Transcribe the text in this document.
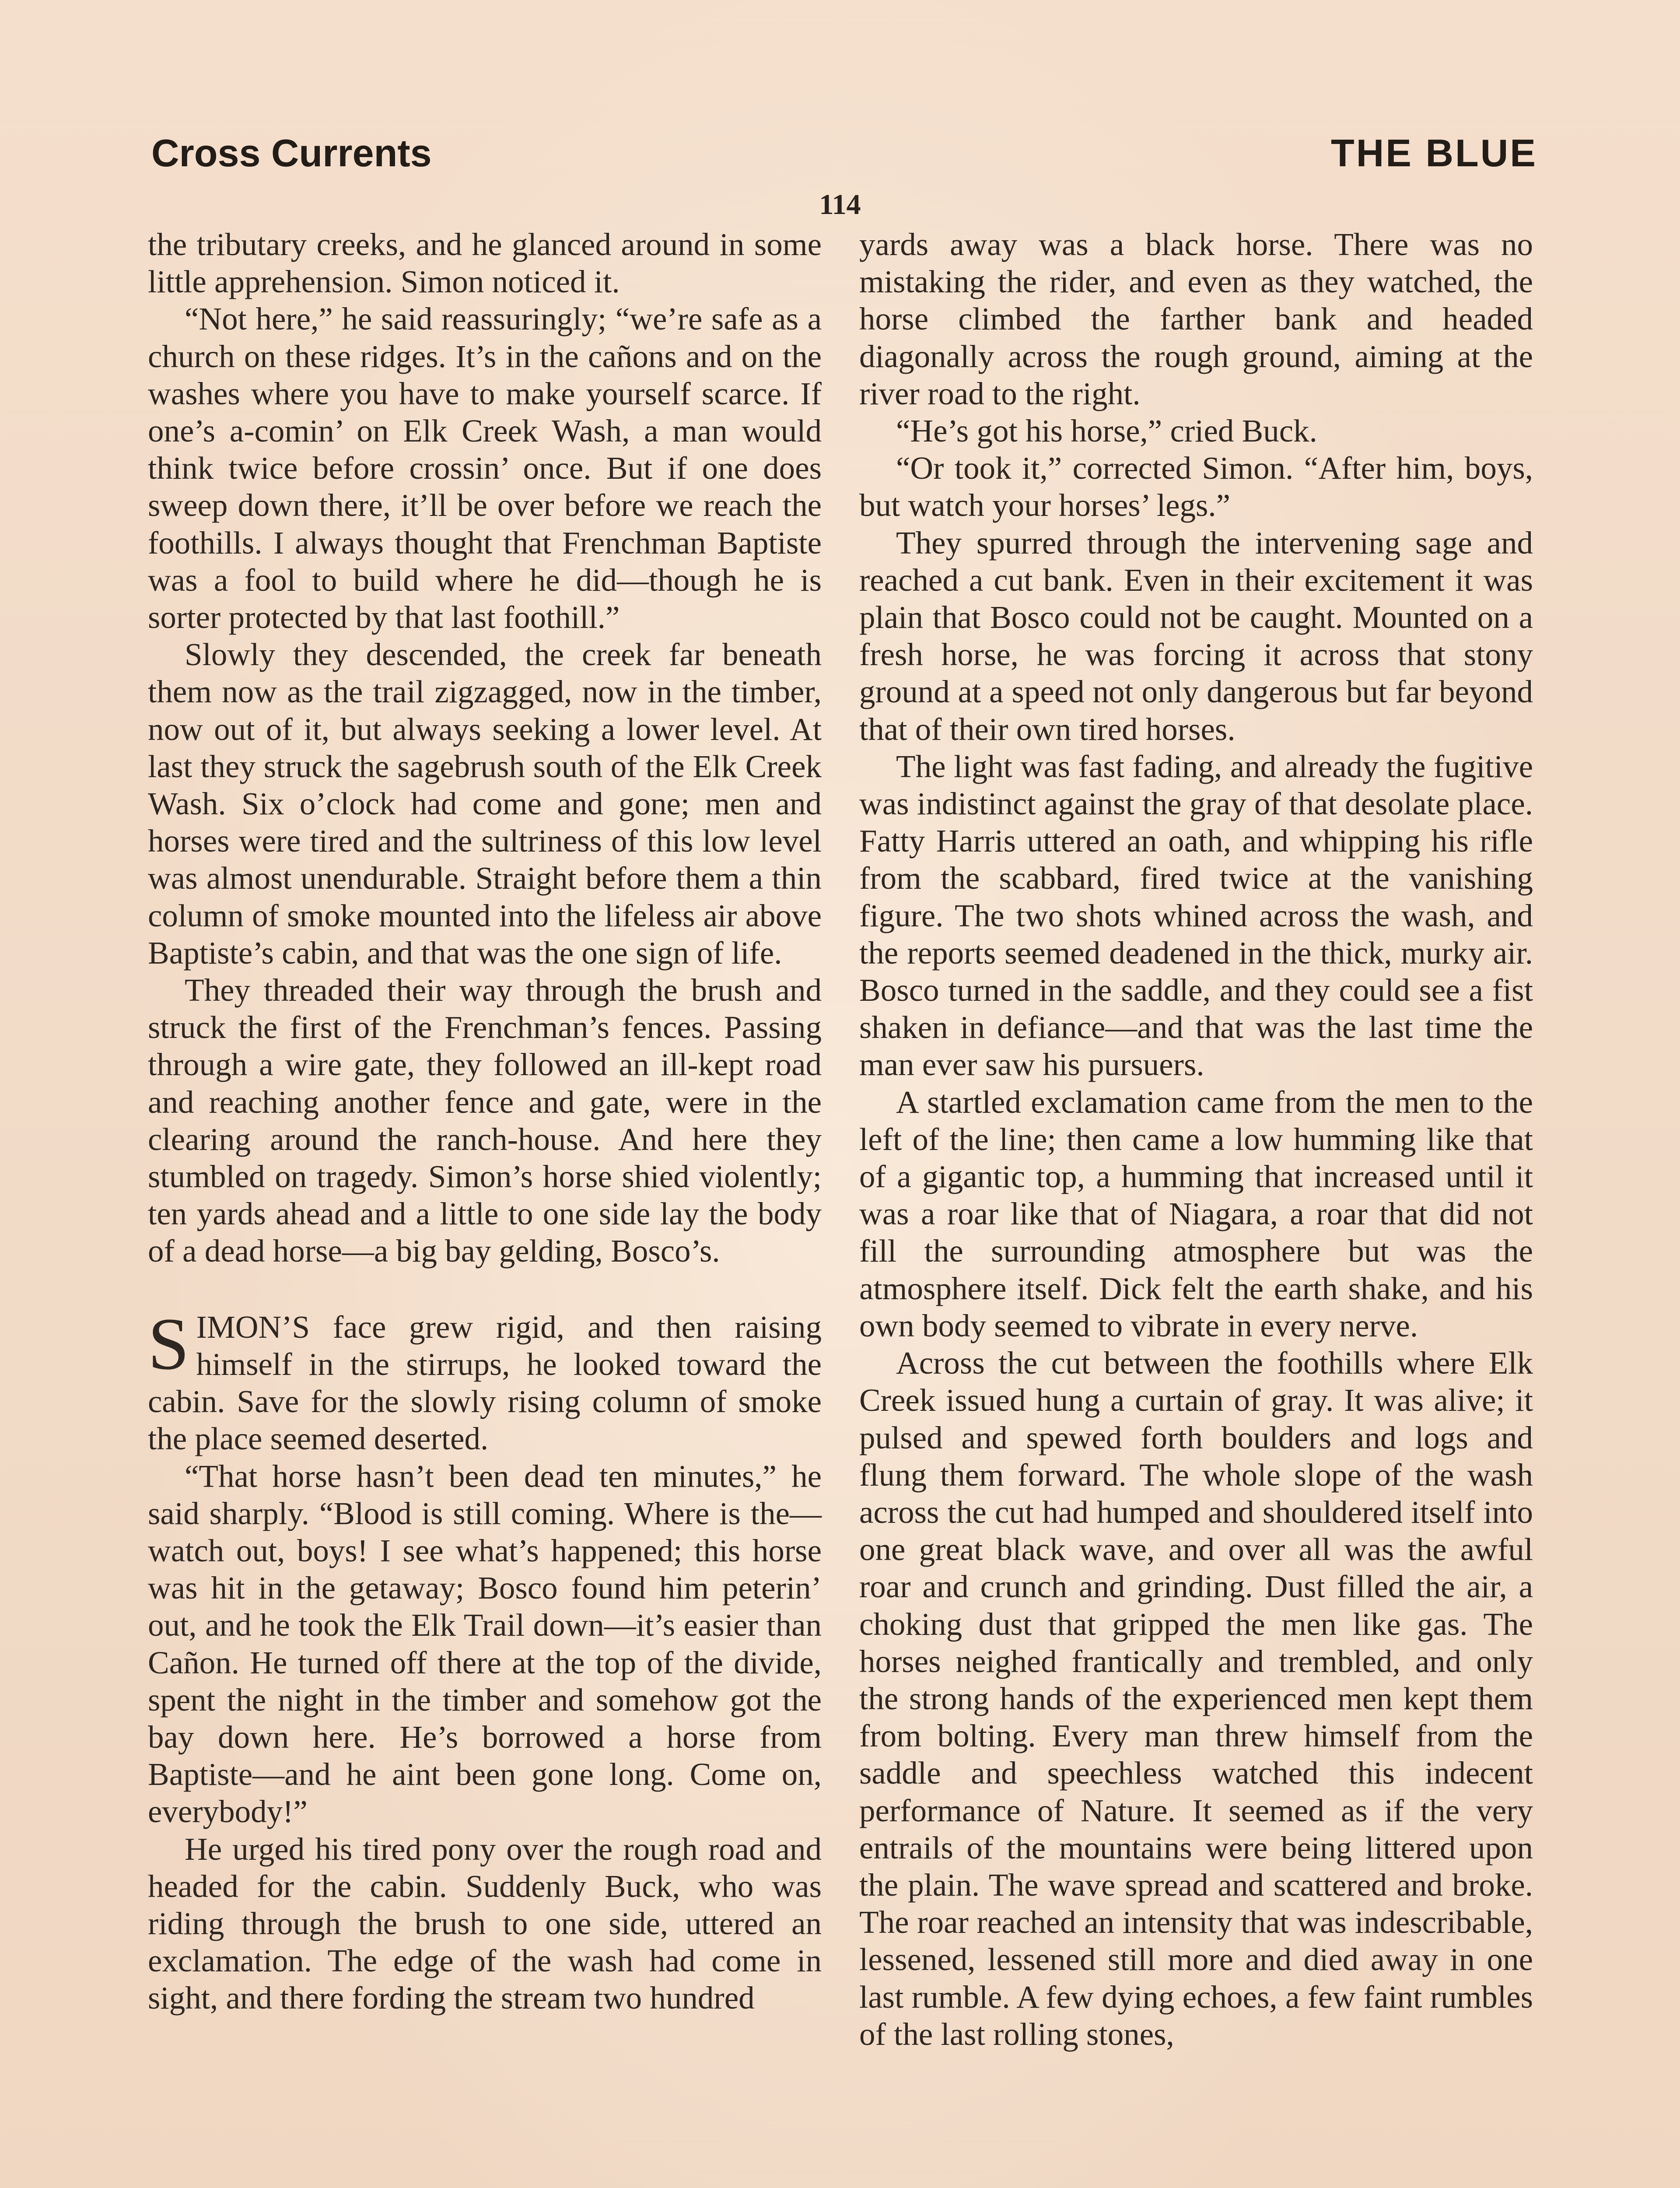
Cross Currents	THE BLUE
114

the tributary creeks, and he glanced around in some little apprehension. Simon noticed it.

“Not here,” he said reassuringly; “we’re safe as a church on these ridges. It’s in the cañons and on the washes where you have to make yourself scarce. If one’s a-comin’ on Elk Creek Wash, a man would think twice before crossin’ once. But if one does sweep down there, it’ll be over before we reach the foothills. I always thought that Frenchman Baptiste was a fool to build where he did—though he is sorter protected by that last foothill.”

Slowly they descended, the creek far beneath them now as the trail zigzagged, now in the timber, now out of it, but always seeking a lower level. At last they struck the sagebrush south of the Elk Creek Wash. Six o’clock had come and gone; men and horses were tired and the sultriness of this low level was almost unendurable. Straight before them a thin column of smoke mounted into the lifeless air above Baptiste’s cabin, and that was the one sign of life.

They threaded their way through the brush and struck the first of the Frenchman’s fences. Passing through a wire gate, they followed an ill-kept road and reaching another fence and gate, were in the clearing around the ranch-house. And here they stumbled on tragedy. Simon’s horse shied violently; ten yards ahead and a little to one side lay the body of a dead horse—a big bay gelding, Bosco’s.

SIMON’S face grew rigid, and then raising himself in the stirrups, he looked toward the cabin. Save for the slowly rising column of smoke the place seemed deserted.

“That horse hasn’t been dead ten minutes,” he said sharply. “Blood is still coming. Where is the—watch out, boys! I see what’s happened; this horse was hit in the getaway; Bosco found him peterin’ out, and he took the Elk Trail down—it’s easier than Cañon. He turned off there at the top of the divide, spent the night in the timber and somehow got the bay down here. He’s borrowed a horse from Baptiste—and he aint been gone long. Come on, everybody!”

He urged his tired pony over the rough road and headed for the cabin. Suddenly Buck, who was riding through the brush to one side, uttered an exclamation. The edge of the wash had come in sight, and there fording the stream two hundred

yards away was a black horse. There was no mistaking the rider, and even as they watched, the horse climbed the farther bank and headed diagonally across the rough ground, aiming at the river road to the right.

“He’s got his horse,” cried Buck.

“Or took it,” corrected Simon. “After him, boys, but watch your horses’ legs.”

They spurred through the intervening sage and reached a cut bank. Even in their excitement it was plain that Bosco could not be caught. Mounted on a fresh horse, he was forcing it across that stony ground at a speed not only dangerous but far beyond that of their own tired horses.

The light was fast fading, and already the fugitive was indistinct against the gray of that desolate place. Fatty Harris uttered an oath, and whipping his rifle from the scabbard, fired twice at the vanishing figure. The two shots whined across the wash, and the reports seemed deadened in the thick, murky air. Bosco turned in the saddle, and they could see a fist shaken in defiance—and that was the last time the man ever saw his pursuers.

A startled exclamation came from the men to the left of the line; then came a low humming like that of a gigantic top, a humming that increased until it was a roar like that of Niagara, a roar that did not fill the surrounding atmosphere but was the atmosphere itself. Dick felt the earth shake, and his own body seemed to vibrate in every nerve.

Across the cut between the foothills where Elk Creek issued hung a curtain of gray. It was alive; it pulsed and spewed forth boulders and logs and flung them forward. The whole slope of the wash across the cut had humped and shouldered itself into one great black wave, and over all was the awful roar and crunch and grinding. Dust filled the air, a choking dust that gripped the men like gas. The horses neighed frantically and trembled, and only the strong hands of the experienced men kept them from bolting. Every man threw himself from the saddle and speechless watched this indecent performance of Nature. It seemed as if the very entrails of the mountains were being littered upon the plain. The wave spread and scattered and broke. The roar reached an intensity that was indescribable, lessened, lessened still more and died away in one last rumble. A few dying echoes, a few faint rumbles of the last rolling stones,
